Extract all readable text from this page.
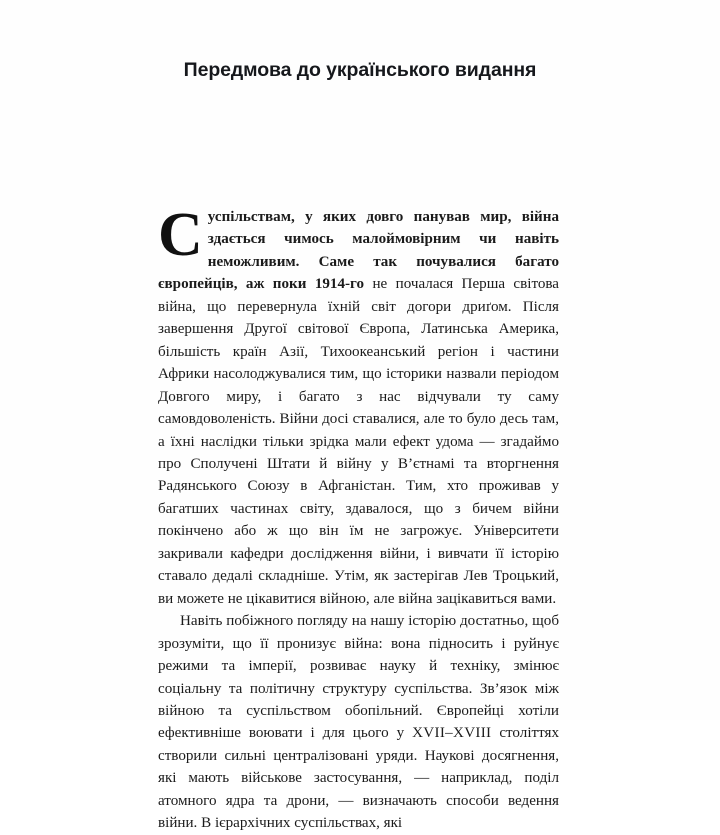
Передмова до українського видання

Суспільствам, у яких довго панував мир, війна здається чимось малоймовірним чи навіть неможливим. Саме так почувалися багато європейців, аж поки 1914-го не почалася Перша світова війна, що перевернула їхній світ догори дриґом. Після завершення Другої світової Європа, Латинська Америка, більшість країн Азії, Тихоокеанський регіон і частини Африки насолоджувалися тим, що історики назвали періодом Довгого миру, і багато з нас відчували ту саму самовдоволеність. Війни досі ставалися, але то було десь там, а їхні наслідки тільки зрідка мали ефект удома — згадаймо про Сполучені Штати й війну у В’єтнамі та вторгнення Радянського Союзу в Афганістан. Тим, хто проживав у багатших частинах світу, здавалося, що з бичем війни покінчено або ж що він їм не загрожує. Університети закривали кафедри дослідження війни, і вивчати її історію ставало дедалі складніше. Утім, як застерігав Лев Троцький, ви можете не цікавитися війною, але війна зацікавиться вами.

Навіть побіжного погляду на нашу історію достатньо, щоб зрозуміти, що її пронизує війна: вона підносить і руйнує режими та імперії, розвиває науку й техніку, змінює соціальну та політичну структуру суспільства. Зв’язок між війною та суспільством обопільний. Європейці хотіли ефективніше воювати і для цього у XVII–XVIII століттях створили сильні централізовані уряди. Наукові досягнення, які мають військове застосування, — наприклад, поділ атомного ядра та дрони, — визначають способи ведення війни. В ієрархічних суспільствах, які
